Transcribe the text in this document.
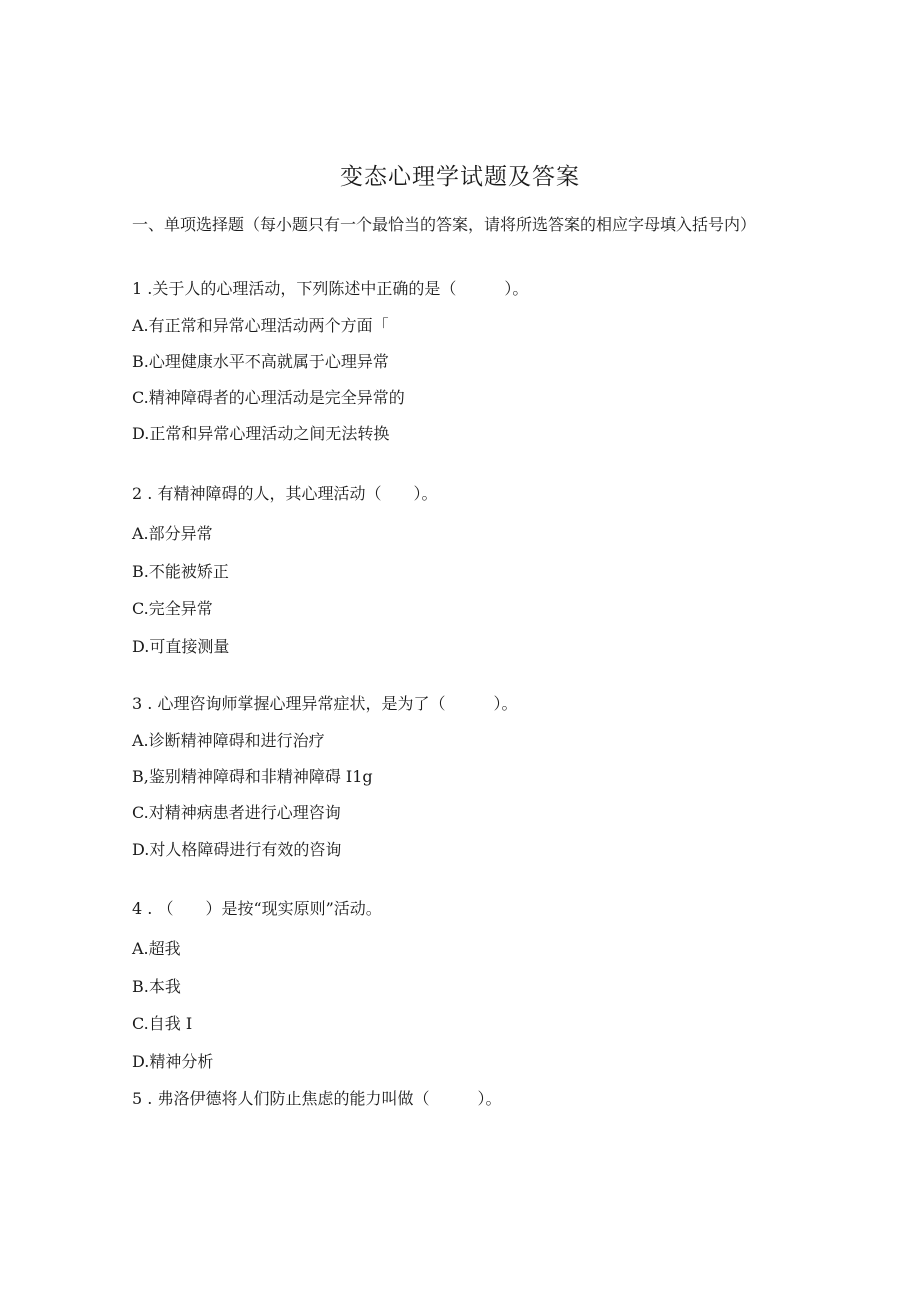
变态心理学试题及答案
一、单项选择题（每小题只有一个最恰当的答案，请将所选答案的相应字母填入括号内）
1 .关于人的心理活动，下列陈述中正确的是（　　　）。
A.有正常和异常心理活动两个方面「
B.心理健康水平不高就属于心理异常
C.精神障碍者的心理活动是完全异常的
D.正常和异常心理活动之间无法转换
2 . 有精神障碍的人，其心理活动（　　）。
A.部分异常
B.不能被矫正
C.完全异常
D.可直接测量
3 . 心理咨询师掌握心理异常症状，是为了（　　　）。
A.诊断精神障碍和进行治疗
B,鉴别精神障碍和非精神障碍 I1g
C.对精神病患者进行心理咨询
D.对人格障碍进行有效的咨询
4 . （　　）是按“现实原则”活动。
A.超我
B.本我
C.自我 I
D.精神分析
5 . 弗洛伊德将人们防止焦虑的能力叫做（　　　）。
